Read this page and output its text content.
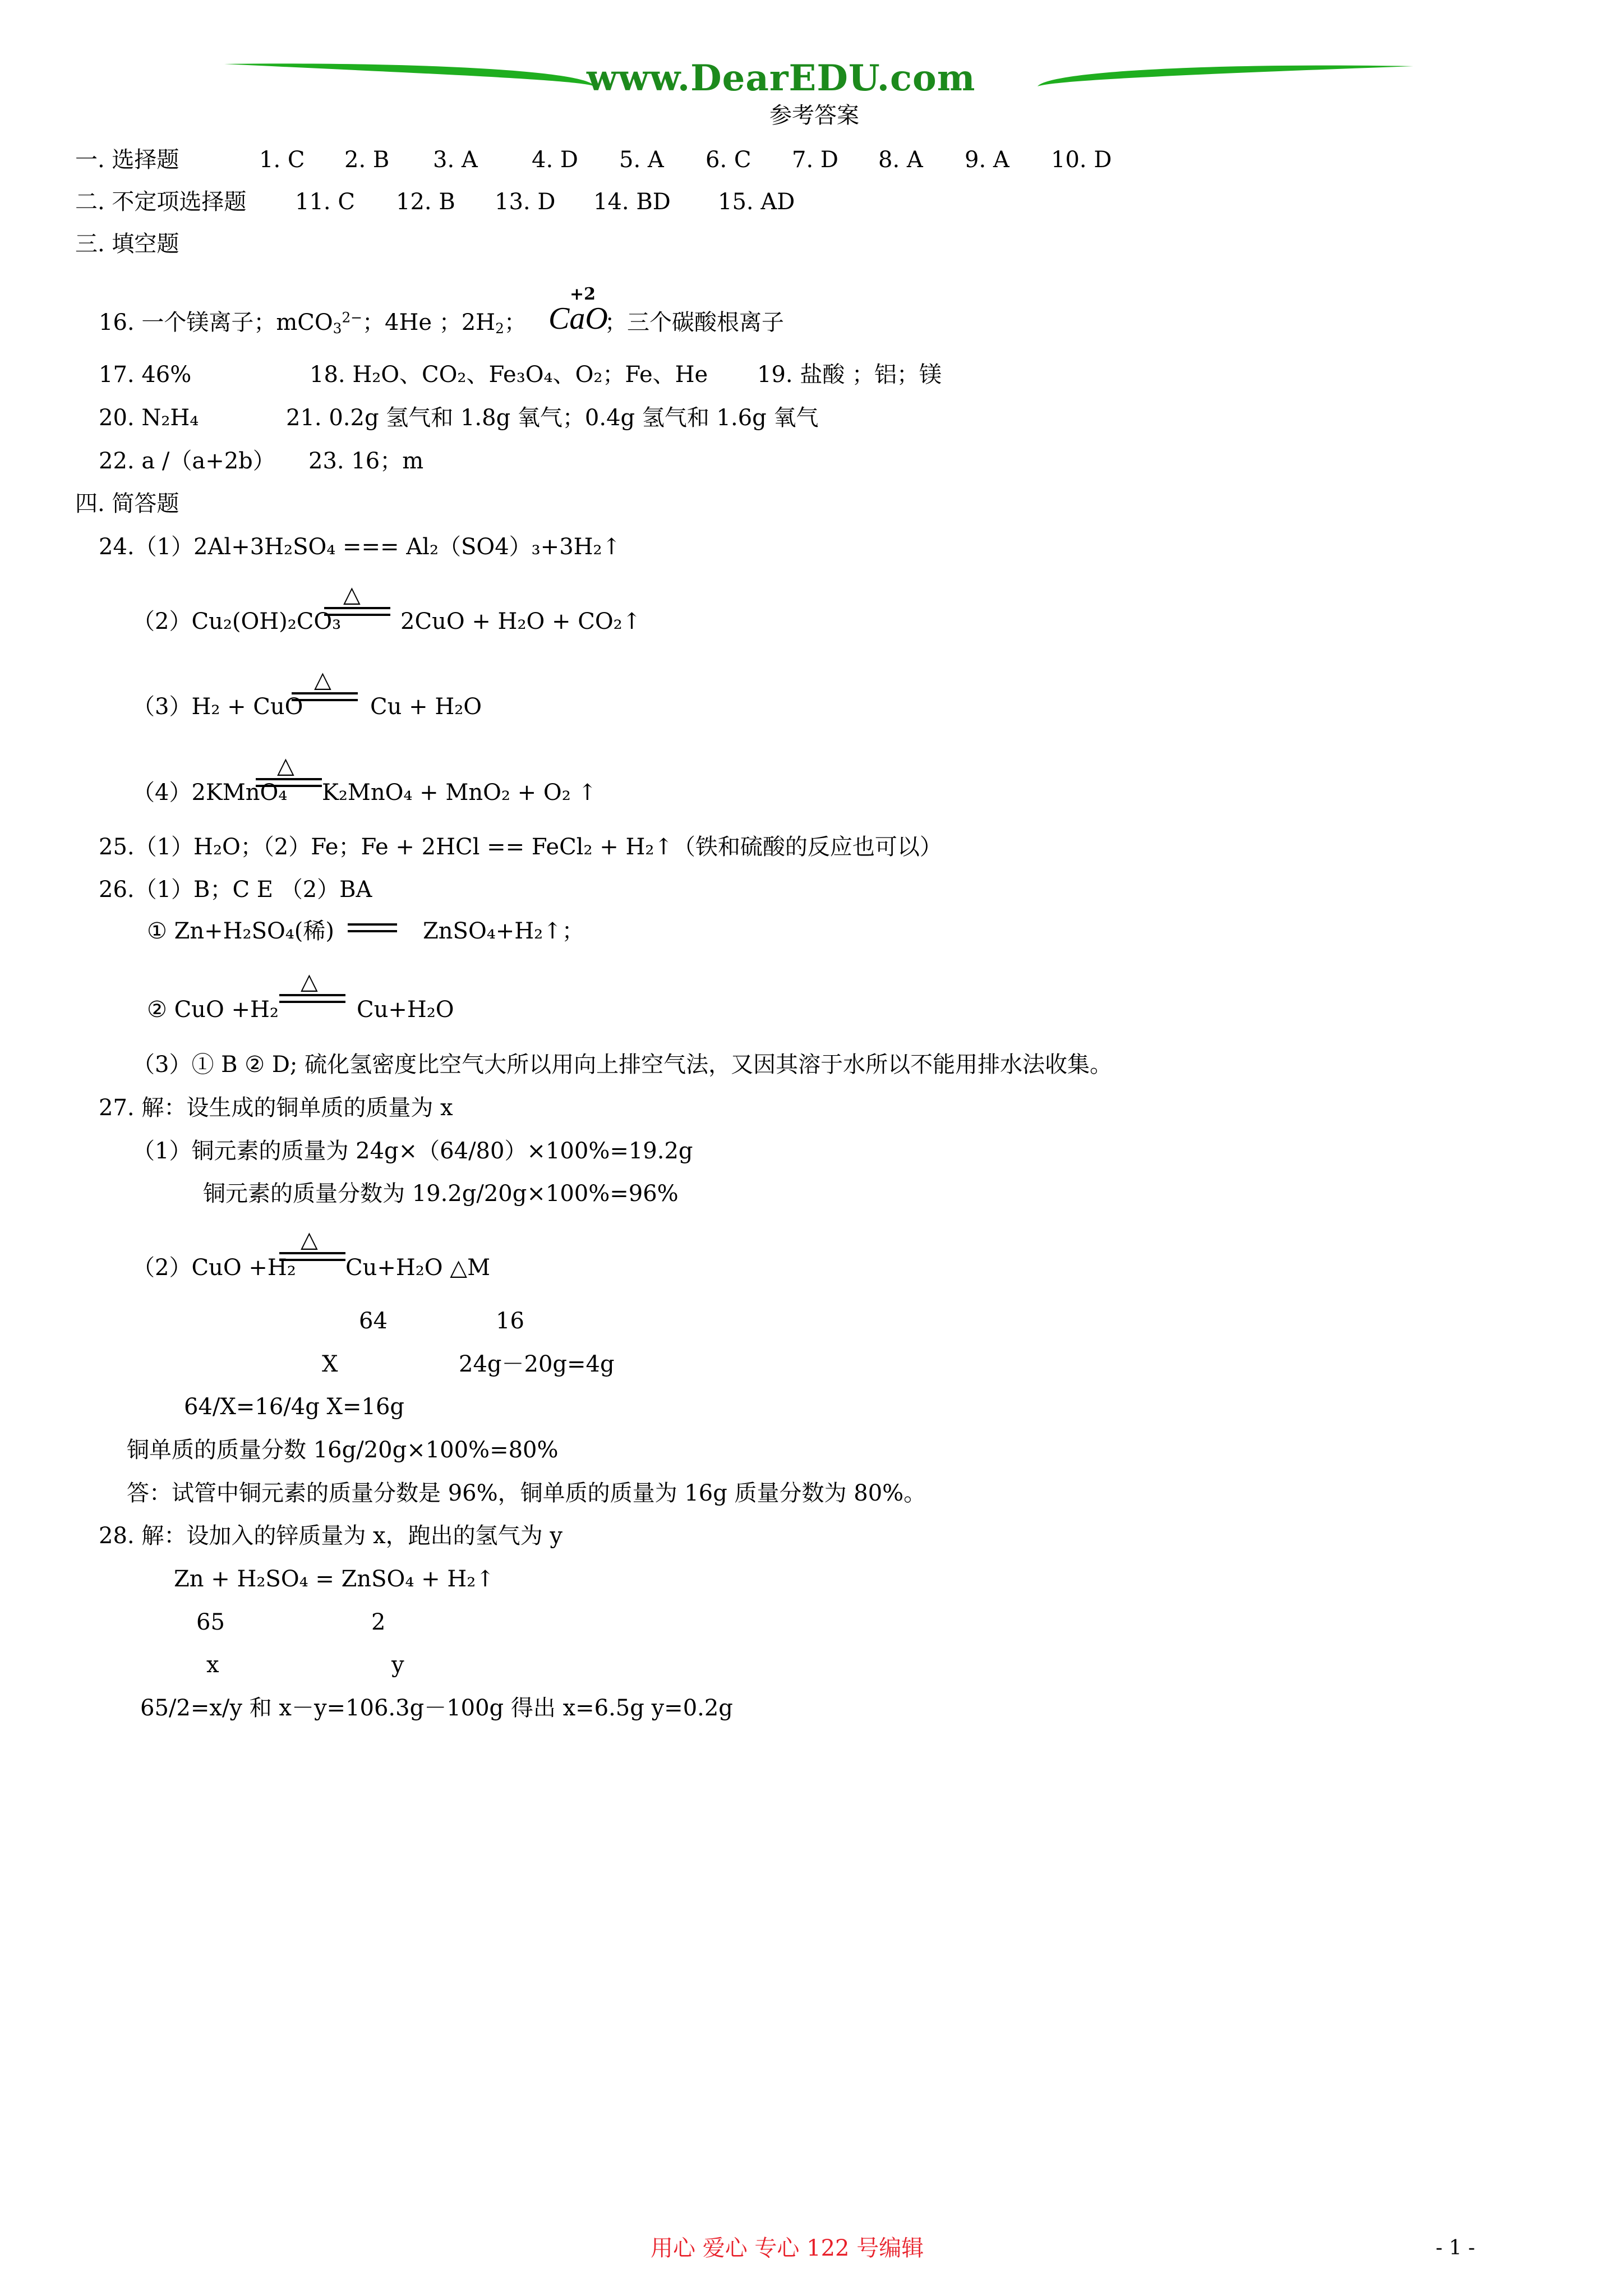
www.DearEDU.com
参考答案
一. 选择题	1. C 2. B 3. A 4. D 5. A 6. C 7. D 8. A 9. A 10. D
二. 不定项选择题 11. C 12. B 13. D 14. BD 15. AD
三. 填空题
16. 一个镁离子；mCO$_3^{2-}$；4He ；$2H_2$； CaO
+2
；三个碳酸根离子
17. 46%	18. H₂O、CO₂、Fe₃O₄、O₂；Fe、He 19. 盐酸 ；铝；镁
20. N₂H₄	21. 0.2g 氢气和 1.8g 氧气；0.4g 氢气和 1.6g 氧气
22. a /（a+2b） 23. 16；m
四. 简答题
24.（1）2Al+3H₂SO₄ === Al₂（SO4）₃+3H₂↑
（2）Cu₂(OH)₂CO₃
△
2CuO + H₂O + CO₂↑
（3）H₂ + CuO
△
Cu + H₂O
（4）2KMnO₄
△
K₂MnO₄ + MnO₂ + O₂ ↑
25.（1）H₂O；（2）Fe；Fe + 2HCl == FeCl₂ + H₂↑（铁和硫酸的反应也可以）
26.（1）B；C E （2）BA
① Zn+H₂SO₄(稀)	ZnSO₄+H₂↑；
② CuO +H₂
△
Cu+H₂O
（3）① B ② D; 硫化氢密度比空气大所以用向上排空气法，又因其溶于水所以不能用排水法收集。
27. 解：设生成的铜单质的质量为 x
（1）铜元素的质量为 24g×（64/80）×100%=19.2g
铜元素的质量分数为 19.2g/20g×100%=96%
（2）CuO +H₂
△
Cu+H₂O △M
64	16
X	24g－20g=4g
64/X=16/4g X=16g
铜单质的质量分数 16g/20g×100%=80%
答：试管中铜元素的质量分数是 96%，铜单质的质量为 16g 质量分数为 80%。
28. 解：设加入的锌质量为 x，跑出的氢气为 y
Zn + H₂SO₄ = ZnSO₄ + H₂↑
65	2
x	y
65/2=x/y 和 x－y=106.3g－100g 得出 x=6.5g y=0.2g
用心 爱心 专心 122 号编辑	- 1 -
